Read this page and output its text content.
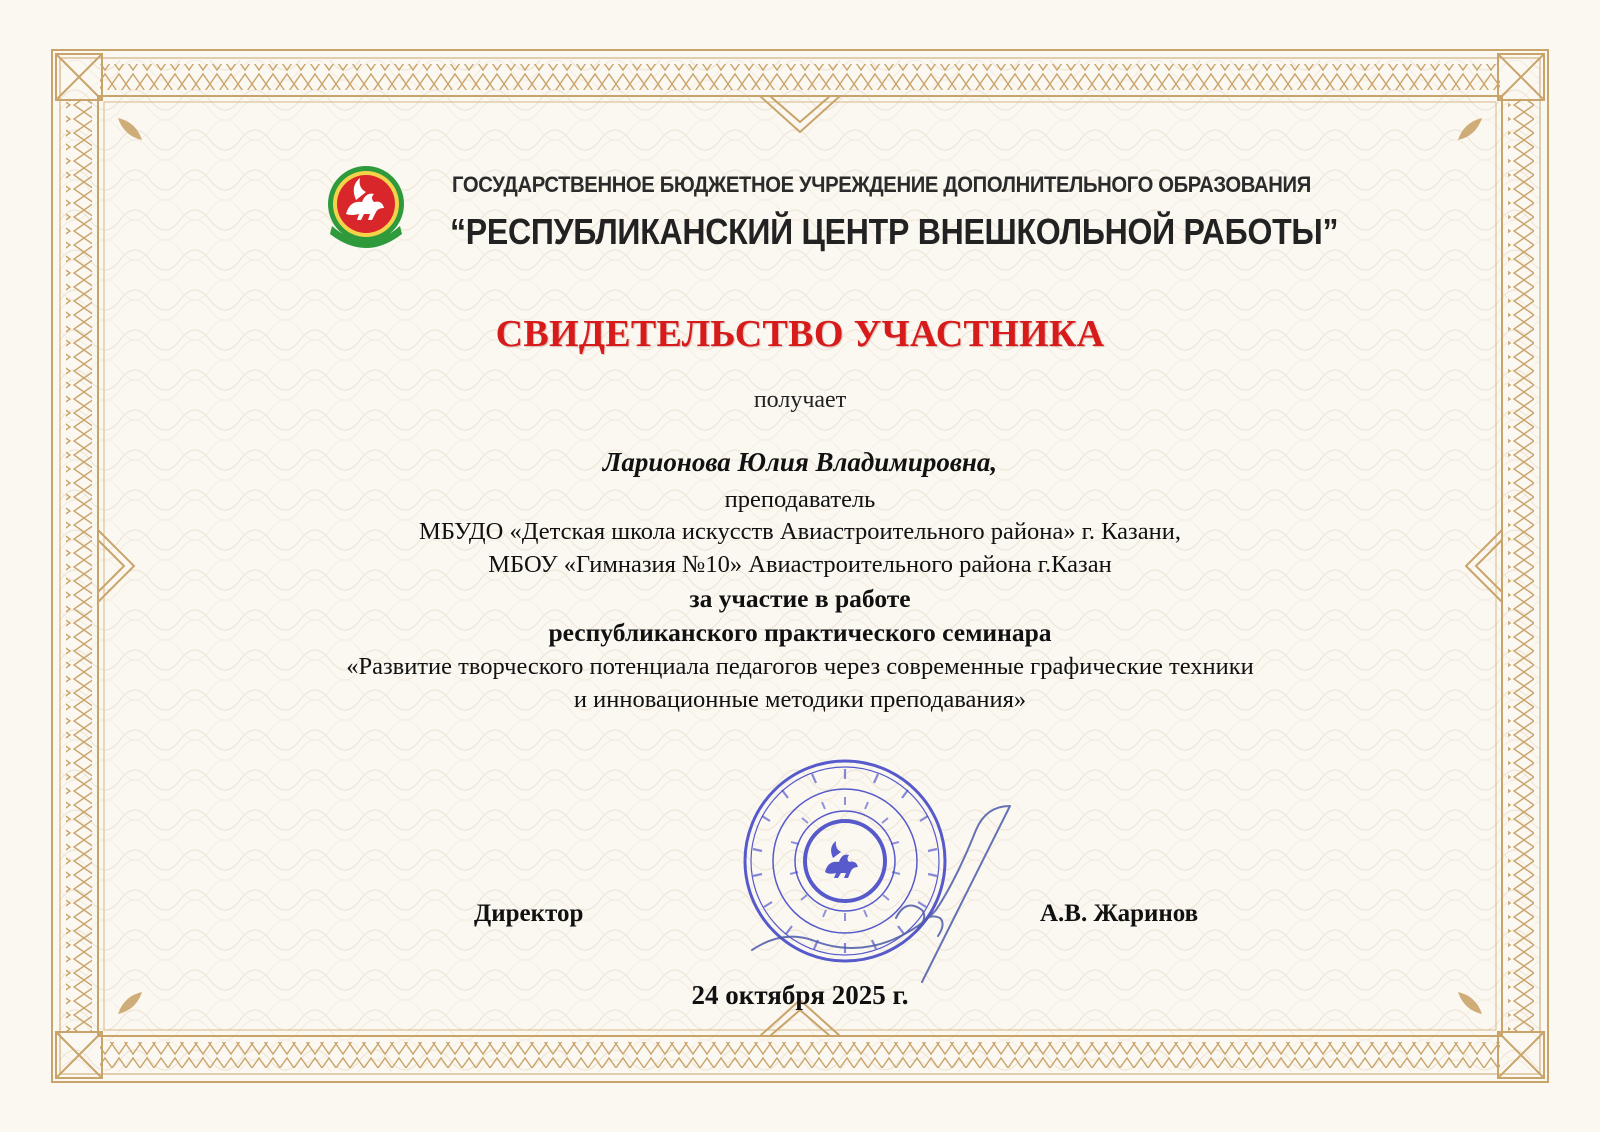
ГОСУДАРСТВЕННОЕ БЮДЖЕТНОЕ УЧРЕЖДЕНИЕ ДОПОЛНИТЕЛЬНОГО ОБРАЗОВАНИЯ
“РЕСПУБЛИКАНСКИЙ ЦЕНТР ВНЕШКОЛЬНОЙ РАБОТЫ”
СВИДЕТЕЛЬСТВО УЧАСТНИКА
получает
Ларионова Юлия Владимировна,
преподаватель
МБУДО «Детская школа искусств Авиастроительного района» г. Казани,
МБОУ «Гимназия №10» Авиастроительного района г.Казан
за участие в работе
республиканского практического семинара
«Развитие творческого потенциала педагогов через современные графические техники
и инновационные методики преподавания»
Директор	А.В. Жаринов
24 октября 2025 г.
